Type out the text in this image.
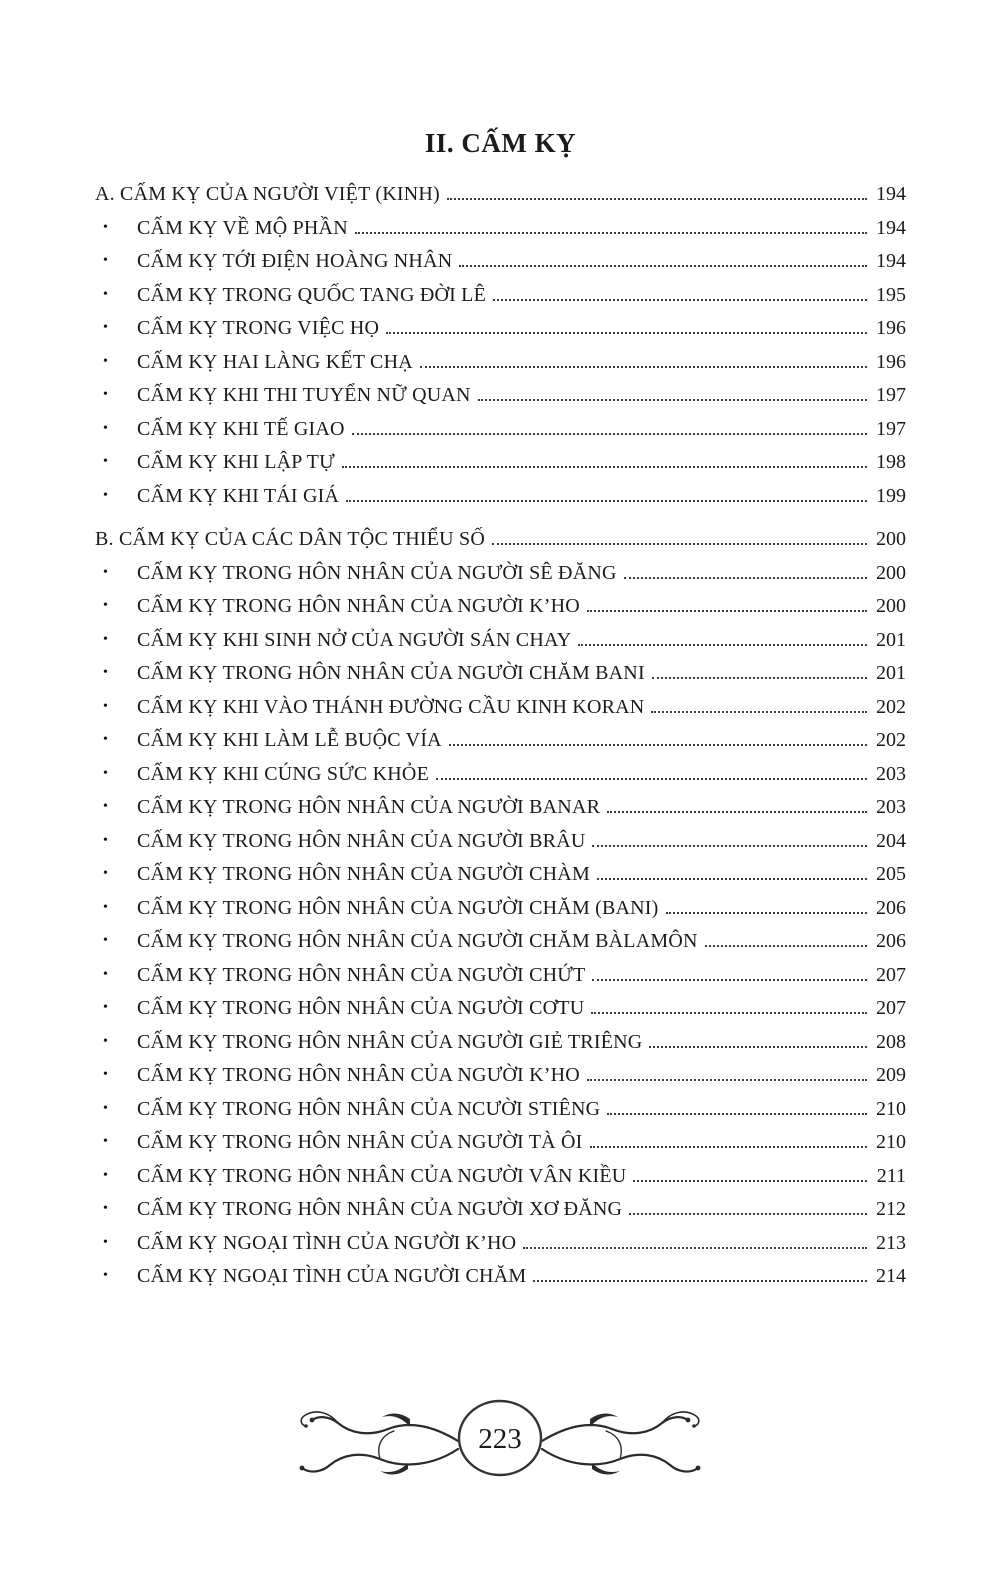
II. CẤM KỴ
A. CẤM KỴ CỦA NGƯỜI VIỆT (KINH)	194
•	CẤM KỴ VỀ MỘ PHẦN	194
•	CẤM KỴ TỚI ĐIỆN HOÀNG NHÂN	194
•	CẤM KỴ TRONG QUỐC TANG ĐỜI LÊ	195
•	CẤM KỴ TRONG VIỆC HỌ	196
•	CẤM KỴ HAI LÀNG KẾT CHẠ	196
•	CẤM KỴ KHI THI TUYỂN NỮ QUAN	197
•	CẤM KỴ KHI TẾ GIAO	197
•	CẤM KỴ KHI LẬP TỰ	198
•	CẤM KỴ KHI TÁI GIÁ	199
B. CẤM KỴ CỦA CÁC DÂN TỘC THIỂU SỐ	200
•	CẤM KỴ TRONG HÔN NHÂN CỦA NGƯỜI SÊ ĐĂNG	200
•	CẤM KỴ TRONG HÔN NHÂN CỦA NGƯỜI K’HO	200
•	CẤM KỴ KHI SINH NỞ CỦA NGƯỜI SÁN CHAY	201
•	CẤM KỴ TRONG HÔN NHÂN CỦA NGƯỜI CHĂM BANI	201
•	CẤM KỴ KHI VÀO THÁNH ĐƯỜNG CẦU KINH KORAN	202
•	CẤM KỴ KHI LÀM LỄ BUỘC VÍA	202
•	CẤM KỴ KHI CÚNG SỨC KHỎE	203
•	CẤM KỴ TRONG HÔN NHÂN CỦA NGƯỜI BANAR	203
•	CẤM KỴ TRONG HÔN NHÂN CỦA NGƯỜI BRÂU	204
•	CẤM KỴ TRONG HÔN NHÂN CỦA NGƯỜI CHÀM	205
•	CẤM KỴ TRONG HÔN NHÂN CỦA NGƯỜI CHĂM (BANI)	206
•	CẤM KỴ TRONG HÔN NHÂN CỦA NGƯỜI CHĂM BÀLAMÔN	206
•	CẤM KỴ TRONG HÔN NHÂN CỦA NGƯỜI CHỨT	207
•	CẤM KỴ TRONG HÔN NHÂN CỦA NGƯỜI CƠTU	207
•	CẤM KỴ TRONG HÔN NHÂN CỦA NGƯỜI GIẺ TRIÊNG	208
•	CẤM KỴ TRONG HÔN NHÂN CỦA NGƯỜI K’HO	209
•	CẤM KỴ TRONG HÔN NHÂN CỦA NCƯỜI STIÊNG	210
•	CẤM KỴ TRONG HÔN NHÂN CỦA NGƯỜI TÀ ÔI	210
•	CẤM KỴ TRONG HÔN NHÂN CỦA NGƯỜI VÂN KIỀU	211
•	CẤM KỴ TRONG HÔN NHÂN CỦA NGƯỜI XƠ ĐĂNG	212
•	CẤM KỴ NGOẠI TÌNH CỦA NGƯỜI K’HO	213
•	CẤM KỴ NGOẠI TÌNH CỦA NGƯỜI CHĂM	214
223
